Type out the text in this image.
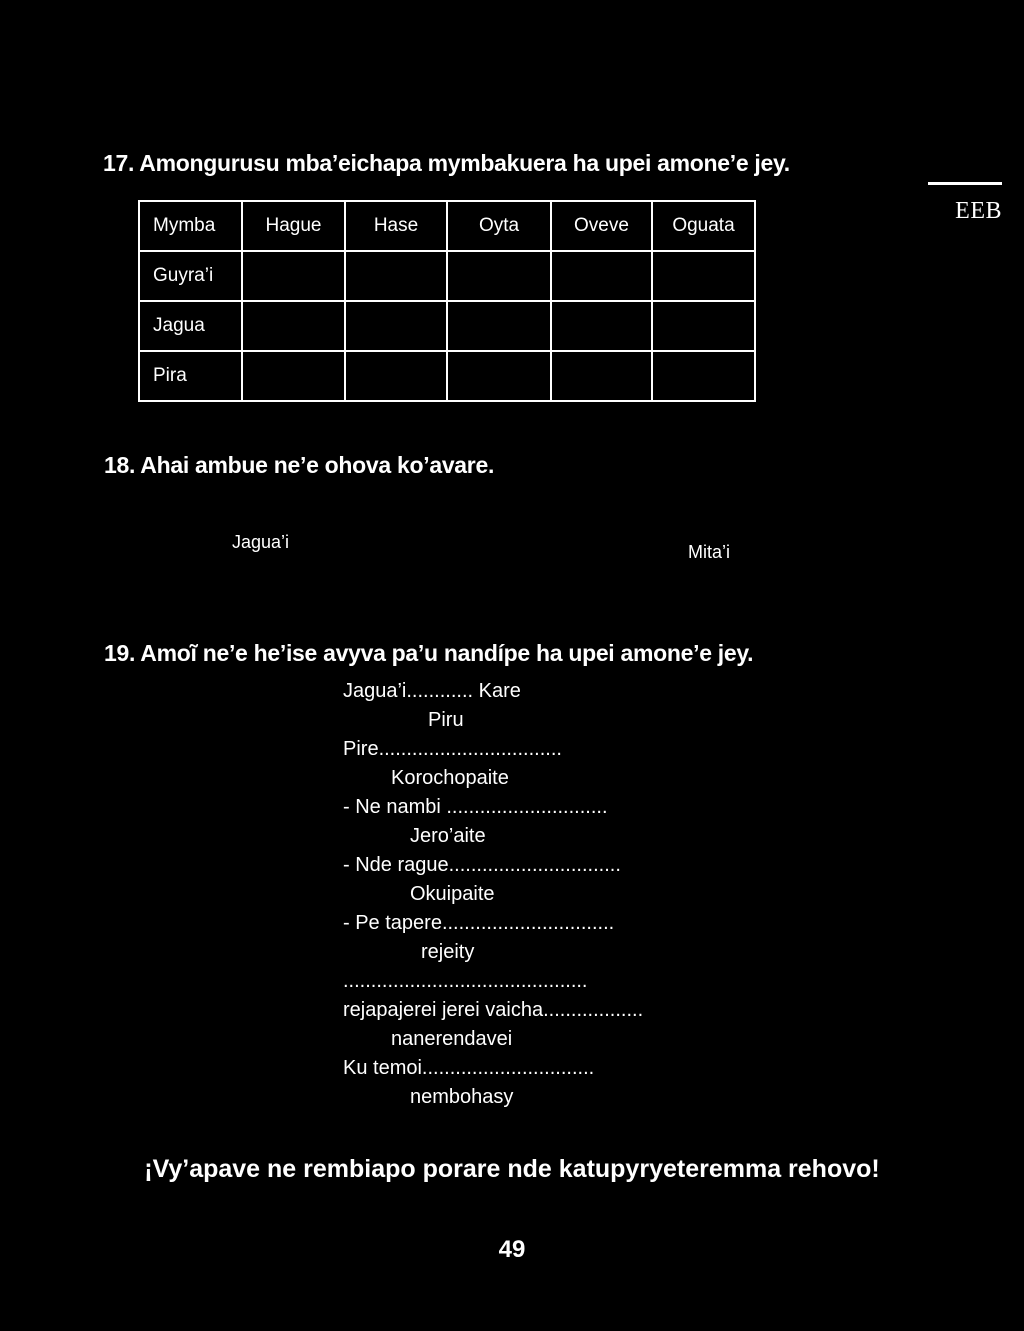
17. Amongurusu mba’eichapa mymbakuera ha upei amone’e jey.
EEB
Mymba	Hague	Hase	Oyta	Oveve	Oguata
Guyra’i					
Jagua					
Pira					
18. Ahai ambue ne’e ohova ko’avare.
Jagua’i	Mita’i
19. Amoĩ ne’e he’ise avyva pa’u nandípe ha upei amone’e jey.
Jagua’i............ Kare
Piru
Pire.................................
Korochopaite
- Ne nambi .............................
Jero’aite
- Nde rague...............................
Okuipaite
- Pe tapere...............................
rejeity
............................................
rejapajerei jerei vaicha..................
nanerendavei
Ku temoi...............................
nembohasy
¡Vy’apave ne rembiapo porare nde katupyryeteremma rehovo!
49
